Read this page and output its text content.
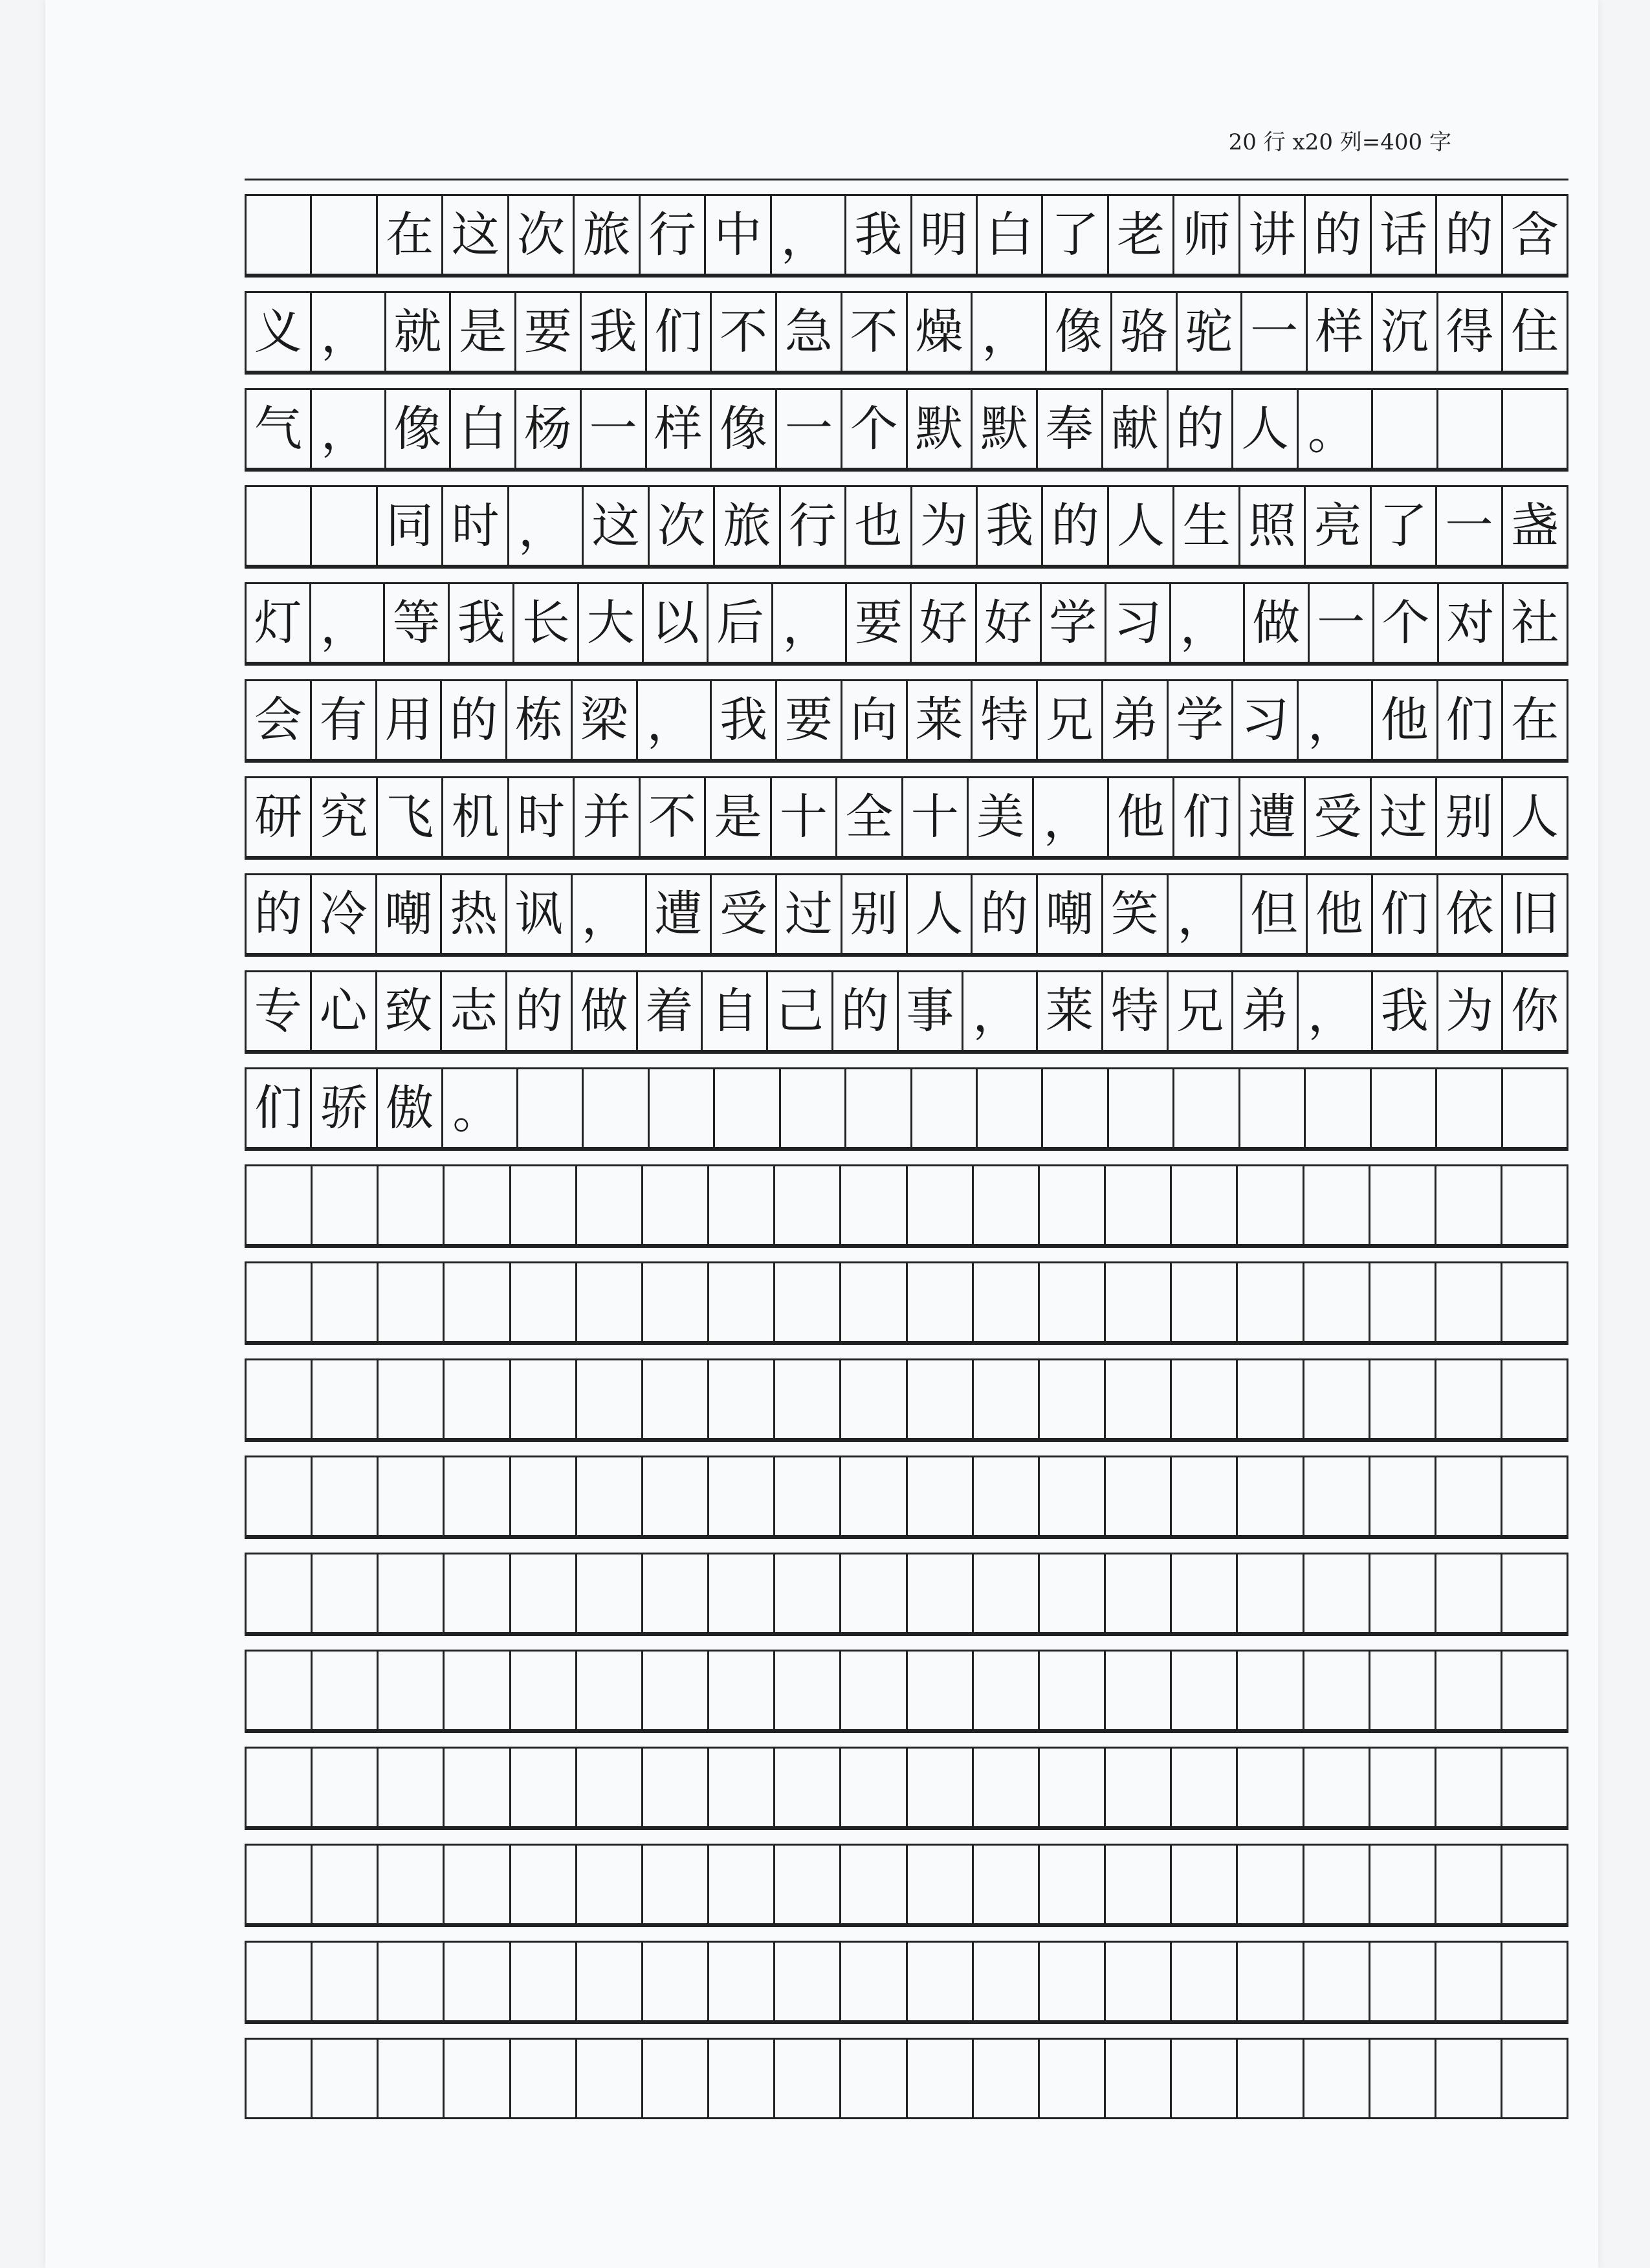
20 行 x20 列=400 字
在 这 次 旅 行 中 ， 我 明 白 了 老 师 讲 的 话 的 含
义 ， 就 是 要 我 们 不 急 不 燥 ， 像 骆 驼 一 样 沉 得 住
气 ， 像 白 杨 一 样 像 一 个 默 默 奉 献 的 人 。
同 时 ， 这 次 旅 行 也 为 我 的 人 生 照 亮 了 一 盏
灯 ， 等 我 长 大 以 后 ， 要 好 好 学 习 ， 做 一 个 对 社
会 有 用 的 栋 梁 ， 我 要 向 莱 特 兄 弟 学 习 ， 他 们 在
研 究 飞 机 时 并 不 是 十 全 十 美 ， 他 们 遭 受 过 别 人
的 冷 嘲 热 讽 ， 遭 受 过 别 人 的 嘲 笑 ， 但 他 们 依 旧
专 心 致 志 的 做 着 自 己 的 事 ， 莱 特 兄 弟 ， 我 为 你
们 骄 傲 。
